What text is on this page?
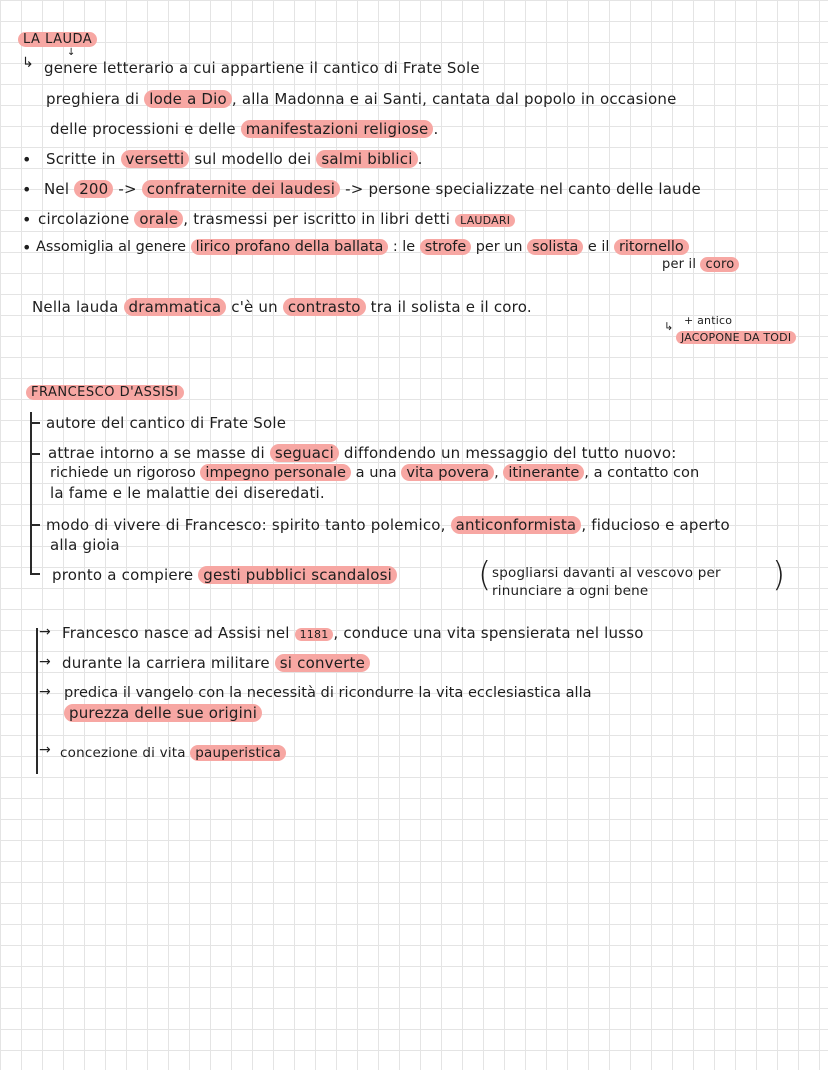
LA LAUDA
↳
↓
genere letterario a cui appartiene il cantico di Frate Sole
preghiera di lode a Dio , alla Madonna e ai Santi, cantata dal popolo in occasione
delle processioni e delle manifestazioni religiose .
• Scritte in versetti sul modello dei salmi biblici .
• Nel 200 -> confraternite dei laudesi -> persone specializzate nel canto delle laude
• circolazione orale , trasmessi per iscritto in libri detti LAUDARI
• Assomiglia al genere lirico profano della ballata : le strofe per un solista e il ritornello
per il coro
Nella lauda drammatica c'è un contrasto tra il solista e il coro.
+ antico
↳
JACOPONE DA TODI
FRANCESCO D'ASSISI
autore del cantico di Frate Sole
attrae intorno a se masse di seguaci diffondendo un messaggio del tutto nuovo:
richiede un rigoroso impegno personale a una vita povera , itinerante , a contatto con
la fame e le malattie dei diseredati.
modo di vivere di Francesco: spirito tanto polemico, anticonformista , fiducioso e aperto
alla gioia
pronto a compiere gesti pubblici scandalosi	( spogliarsi davanti al vescovo per
rinunciare a ogni bene	)
→ Francesco nasce ad Assisi nel 1181 , conduce una vita spensierata nel lusso
→ durante la carriera militare si converte
→ predica il vangelo con la necessità di ricondurre la vita ecclesiastica alla
purezza delle sue origini
→ concezione di vita pauperistica
